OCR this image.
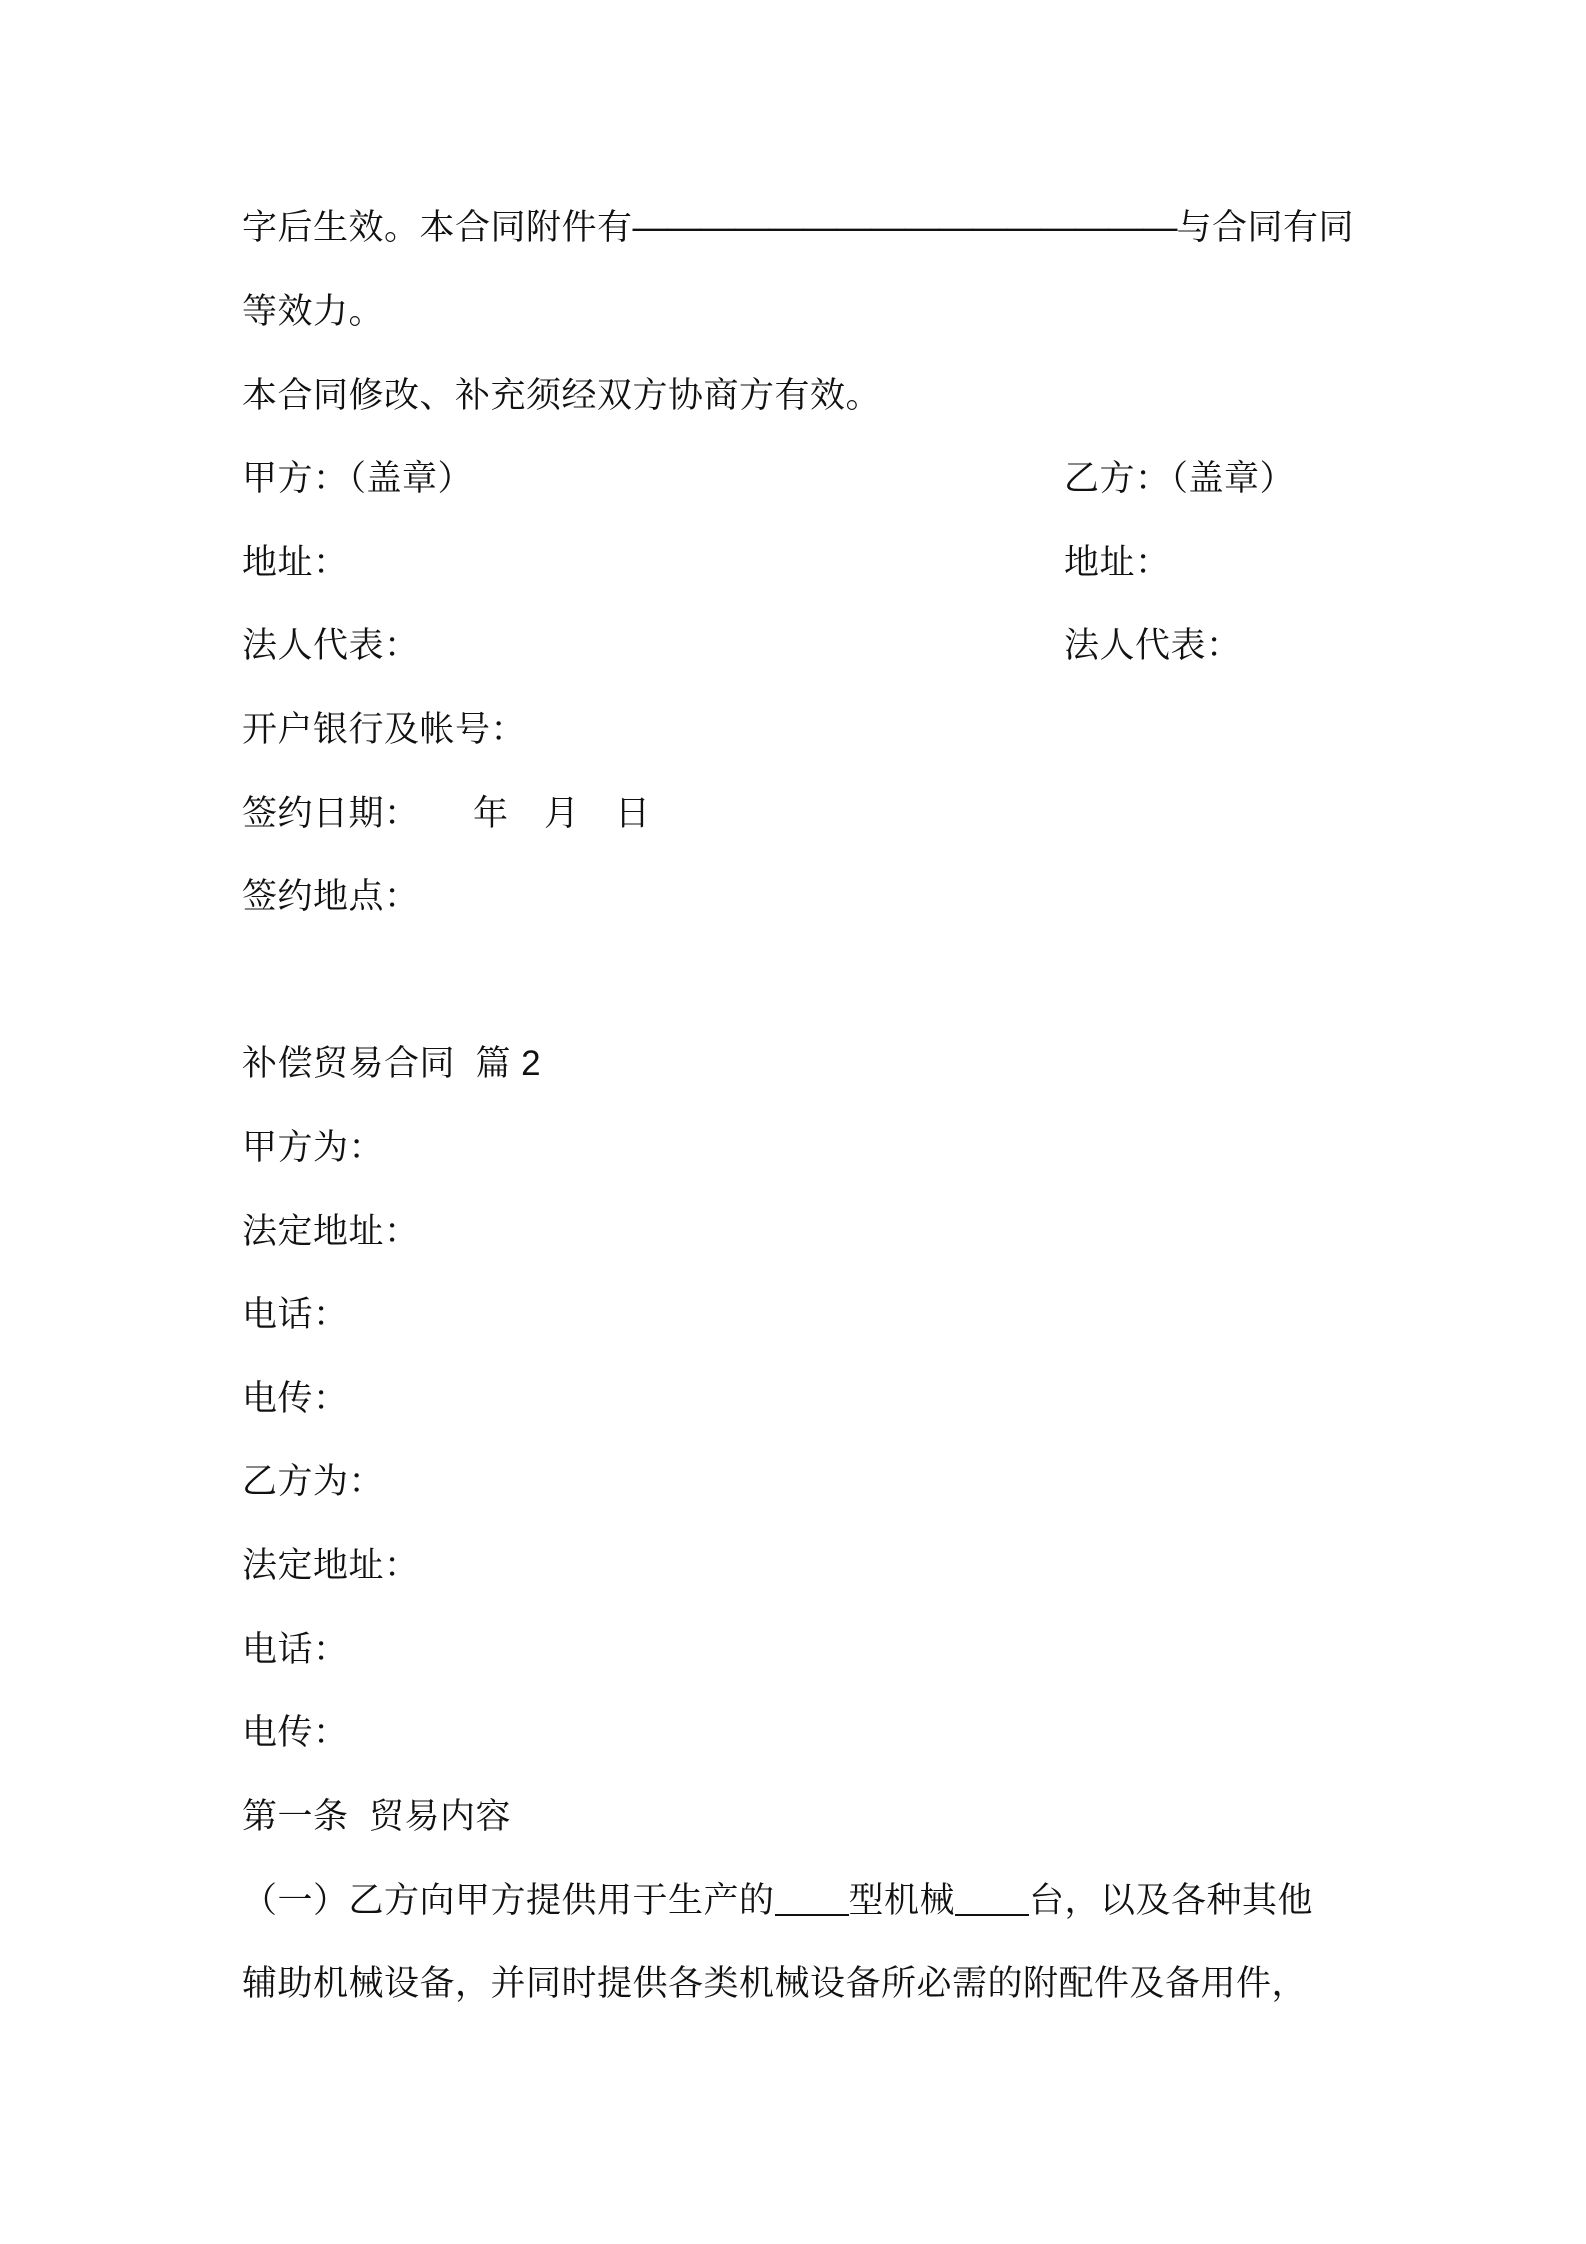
字后生效。本合同附件有————————————————与合同有同
等效力。
本合同修改、补充须经双方协商方有效。
甲方：（盖章）	乙方：（盖章）
地址：	地址：
法人代表：	法人代表：
开户银行及帐号：
签约日期：　　年　月　日
签约地点：
补偿贸易合同  篇 2
甲方为：
法定地址：
电话：
电传：
乙方为：
法定地址：
电话：
电传：
第一条  贸易内容
（一）乙方向甲方提供用于生产的 型机械 台，以及各种其他
辅助机械设备，并同时提供各类机械设备所必需的附配件及备用件，
